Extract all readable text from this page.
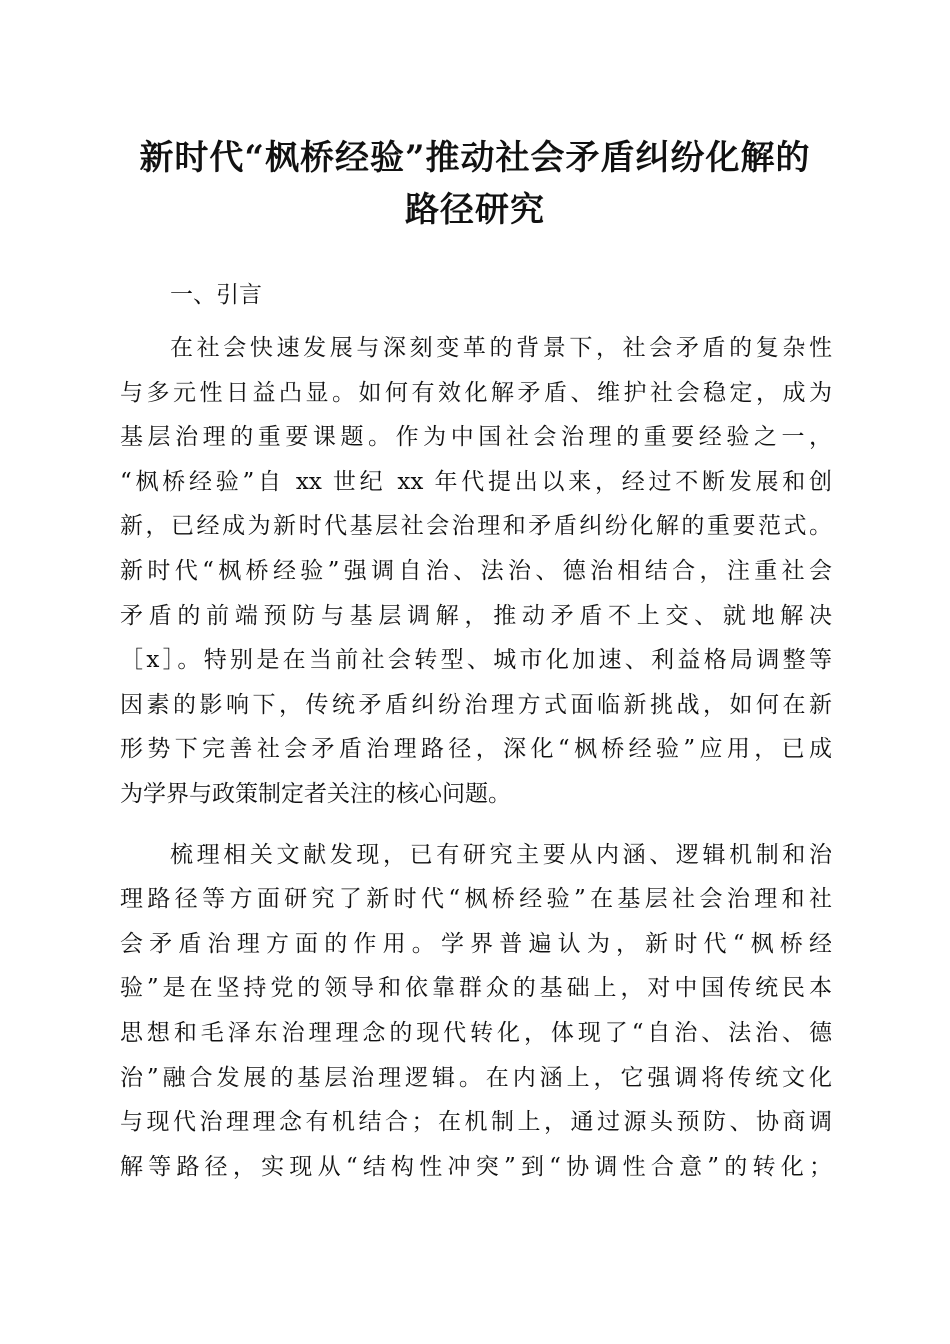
新时代“枫桥经验”推动社会矛盾纠纷化解的
路径研究
一、引言
在社会快速发展与深刻变革的背景下，社会矛盾的复杂性
与多元性日益凸显。如何有效化解矛盾、维护社会稳定，成为
基层治理的重要课题。作为中国社会治理的重要经验之一，
“枫桥经验”自 xx 世纪 xx 年代提出以来，经过不断发展和创
新，已经成为新时代基层社会治理和矛盾纠纷化解的重要范式。
新时代“枫桥经验”强调自治、法治、德治相结合，注重社会
矛盾的前端预防与基层调解，推动矛盾不上交、就地解决
［x］。特别是在当前社会转型、城市化加速、利益格局调整等
因素的影响下，传统矛盾纠纷治理方式面临新挑战，如何在新
形势下完善社会矛盾治理路径，深化“枫桥经验”应用，已成
为学界与政策制定者关注的核心问题。
梳理相关文献发现，已有研究主要从内涵、逻辑机制和治
理路径等方面研究了新时代“枫桥经验”在基层社会治理和社
会矛盾治理方面的作用。学界普遍认为，新时代“枫桥经
验”是在坚持党的领导和依靠群众的基础上，对中国传统民本
思想和毛泽东治理理念的现代转化，体现了“自治、法治、德
治”融合发展的基层治理逻辑。在内涵上，它强调将传统文化
与现代治理理念有机结合；在机制上，通过源头预防、协商调
解等路径，实现从“结构性冲突”到“协调性合意”的转化；
